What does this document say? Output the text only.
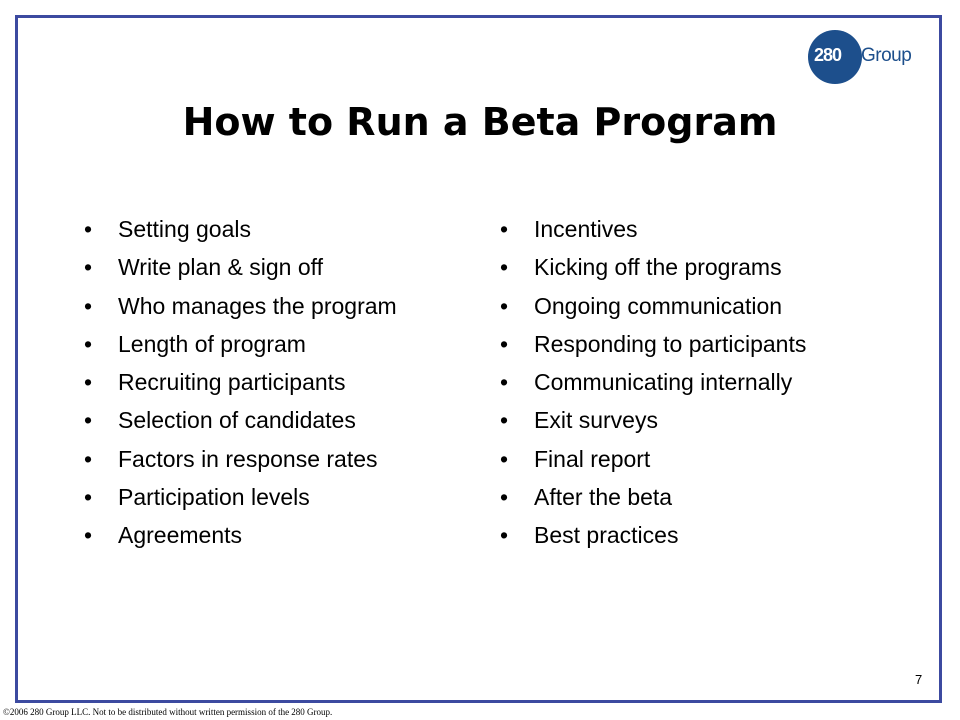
280 Group
How to Run a Beta Program
• Setting goals
• Write plan & sign off
• Who manages the program
• Length of program
• Recruiting participants
• Selection of candidates
• Factors in response rates
• Participation levels
• Agreements
• Incentives
• Kicking off the programs
• Ongoing communication
• Responding to participants
• Communicating internally
• Exit surveys
• Final report
• After the beta
• Best practices
7
©2006 280 Group LLC. Not to be distributed without written permission of the 280 Group.
